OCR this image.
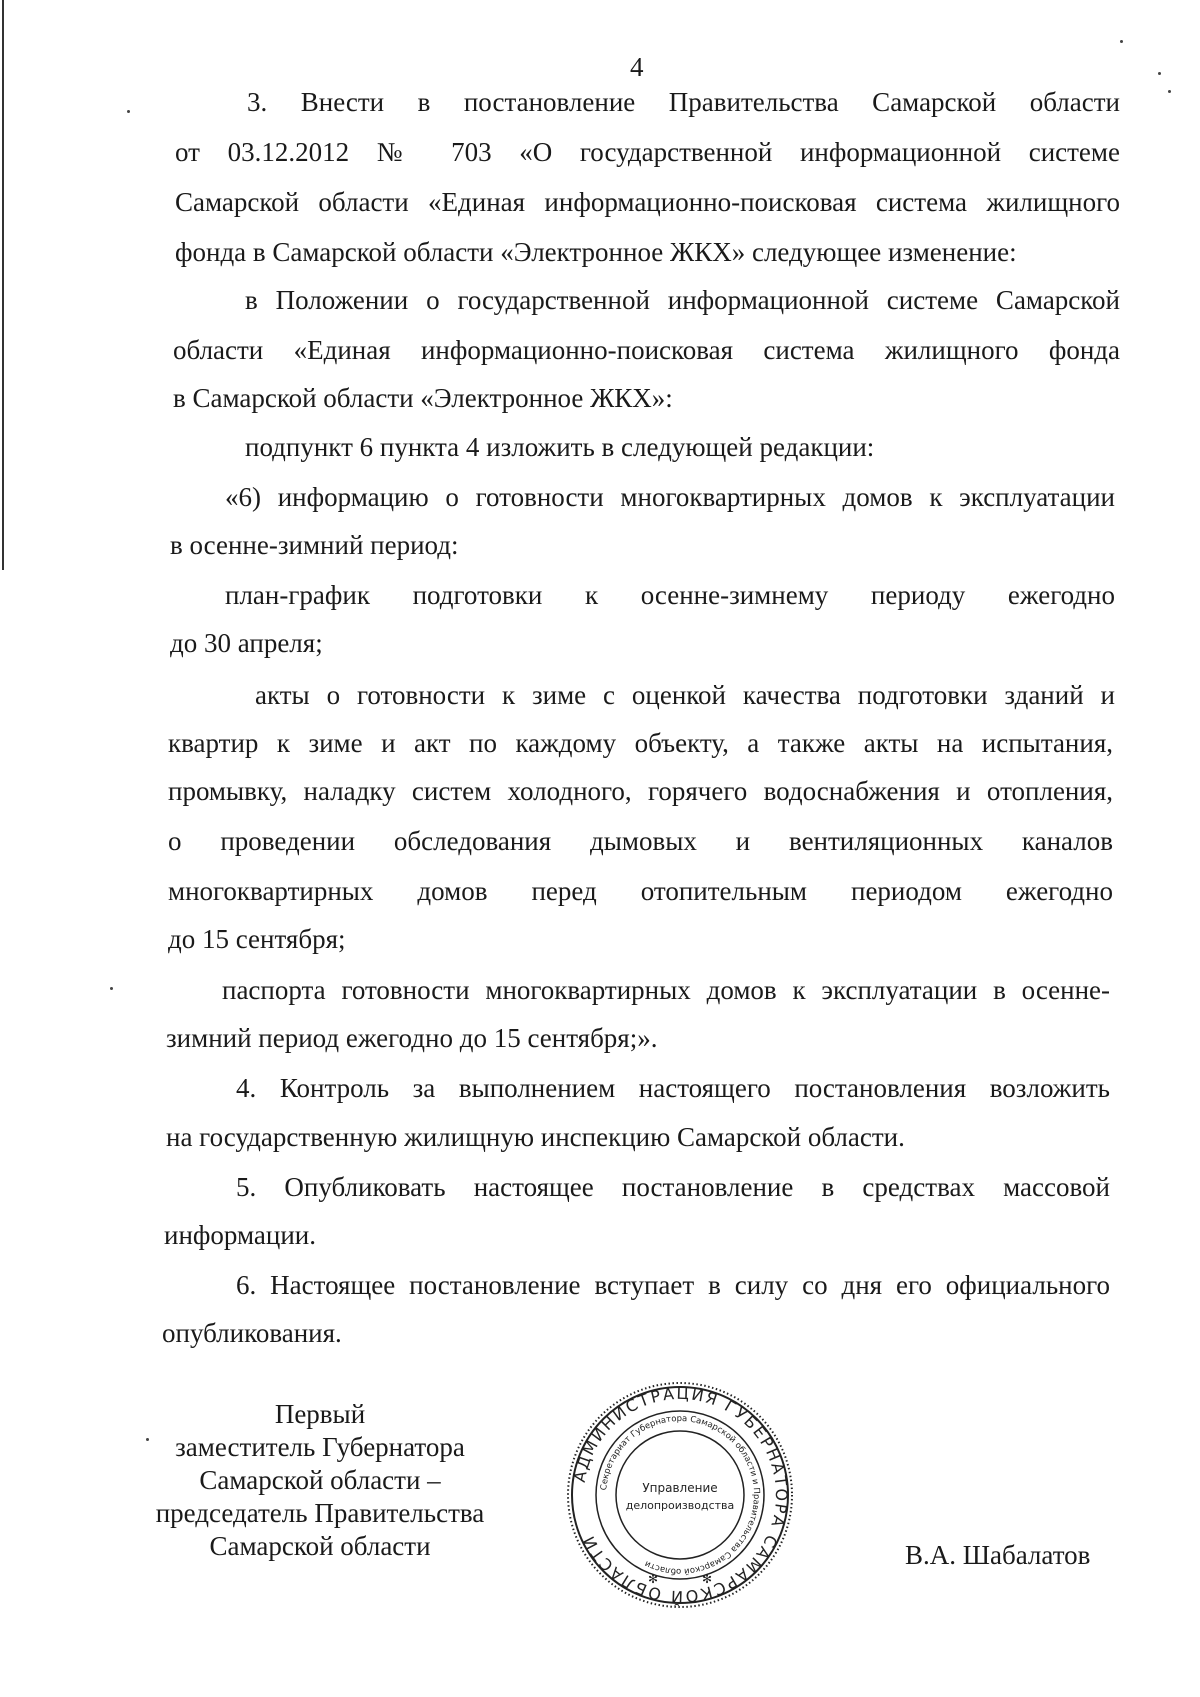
4
3. Внести в постановление Правительства Самарской области
от 03.12.2012 № 703 «О государственной информационной системе
Самарской области «Единая информационно-поисковая система жилищного
фонда в Самарской области «Электронное ЖКХ» следующее изменение:
в Положении о государственной информационной системе Самарской
области «Единая информационно-поисковая система жилищного фонда
в Самарской области «Электронное ЖКХ»:
подпункт 6 пункта 4 изложить в следующей редакции:
«6) информацию о готовности многоквартирных домов к эксплуатации
в осенне-зимний период:
план-график подготовки к осенне-зимнему периоду ежегодно
до 30 апреля;
акты о готовности к зиме с оценкой качества подготовки зданий и
квартир к зиме и акт по каждому объекту, а также акты на испытания,
промывку, наладку систем холодного, горячего водоснабжения и отопления,
о проведении обследования дымовых и вентиляционных каналов
многоквартирных домов перед отопительным периодом ежегодно
до 15 сентября;
паспорта готовности многоквартирных домов к эксплуатации в осенне-
зимний период ежегодно до 15 сентября;».
4. Контроль за выполнением настоящего постановления возложить
на государственную жилищную инспекцию Самарской области.
5. Опубликовать настоящее постановление в средствах массовой
информации.
6. Настоящее постановление вступает в силу со дня его официального
опубликования.
Первый
заместитель Губернатора
Самарской области –
председатель Правительства
Самарской области
АДМИНИСТРАЦИЯ ГУБЕРНАТОРА САМАРСКОЙ ОБЛАСТИ
Секретариат Губернатора Самарской области и Правительства Самарской области
Управление
делопроизводства
✻	✻
В.А. Шабалатов
